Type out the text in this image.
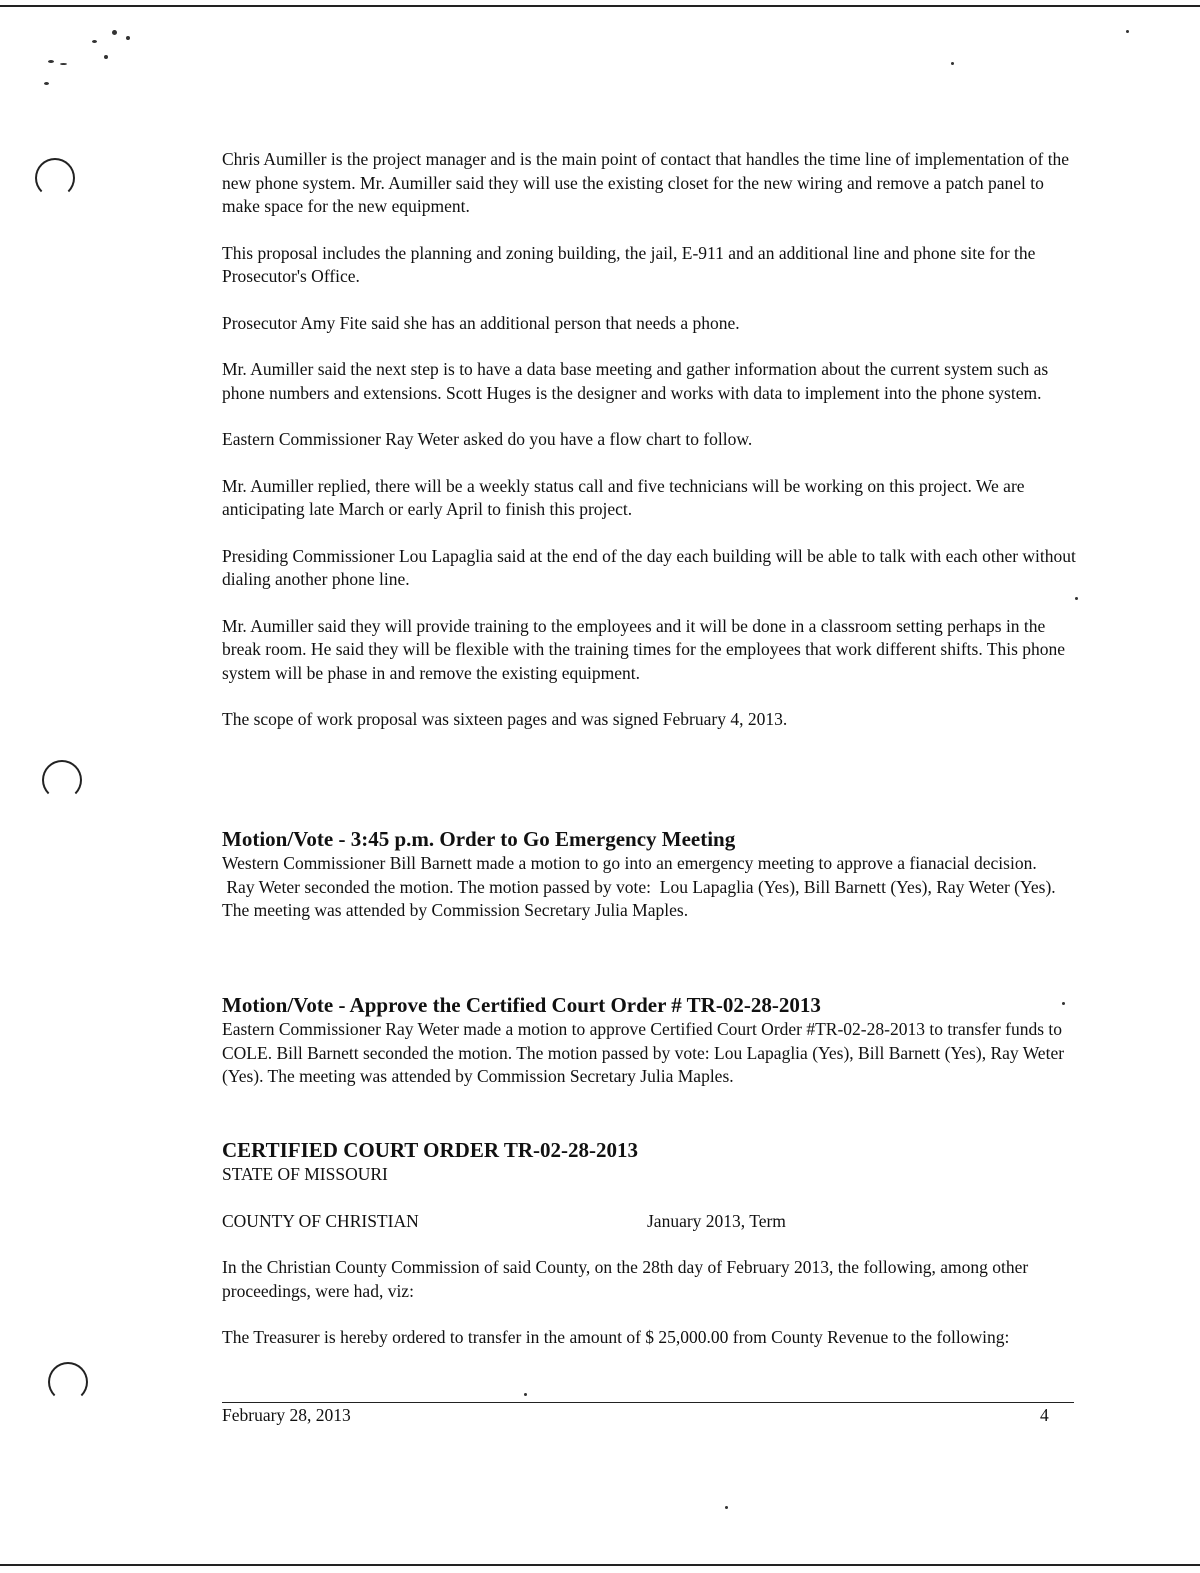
Chris Aumiller is the project manager and is the main point of contact that handles the time line of implementation of the new phone system. Mr. Aumiller said they will use the existing closet for the new wiring and remove a patch panel to make space for the new equipment.

This proposal includes the planning and zoning building, the jail, E-911 and an additional line and phone site for the Prosecutor's Office.

Prosecutor Amy Fite said she has an additional person that needs a phone.

Mr. Aumiller said the next step is to have a data base meeting and gather information about the current system such as phone numbers and extensions. Scott Huges is the designer and works with data to implement into the phone system.

Eastern Commissioner Ray Weter asked do you have a flow chart to follow.

Mr. Aumiller replied, there will be a weekly status call and five technicians will be working on this project. We are anticipating late March or early April to finish this project.

Presiding Commissioner Lou Lapaglia said at the end of the day each building will be able to talk with each other without dialing another phone line.

Mr. Aumiller said they will provide training to the employees and it will be done in a classroom setting perhaps in the break room. He said they will be flexible with the training times for the employees that work different shifts. This phone system will be phase in and remove the existing equipment.

The scope of work proposal was sixteen pages and was signed February 4, 2013.

Motion/Vote - 3:45 p.m. Order to Go Emergency Meeting

Western Commissioner Bill Barnett made a motion to go into an emergency meeting to approve a fianacial decision.

Ray Weter seconded the motion. The motion passed by vote:  Lou Lapaglia (Yes), Bill Barnett (Yes), Ray Weter (Yes).  The meeting was attended by Commission Secretary Julia Maples.

Motion/Vote - Approve the Certified Court Order # TR-02-28-2013

Eastern Commissioner Ray Weter made a motion to approve Certified Court Order #TR-02-28-2013 to transfer funds to COLE. Bill Barnett seconded the motion. The motion passed by vote: Lou Lapaglia (Yes), Bill Barnett (Yes), Ray Weter (Yes). The meeting was attended by Commission Secretary Julia Maples.

CERTIFIED COURT ORDER TR-02-28-2013
STATE OF MISSOURI
COUNTY OF CHRISTIAN	January 2013, Term

In the Christian County Commission of said County, on the 28th day of February 2013, the following, among other proceedings, were had, viz:

The Treasurer is hereby ordered to transfer in the amount of $ 25,000.00 from County Revenue to the following:

February 28, 2013	4
